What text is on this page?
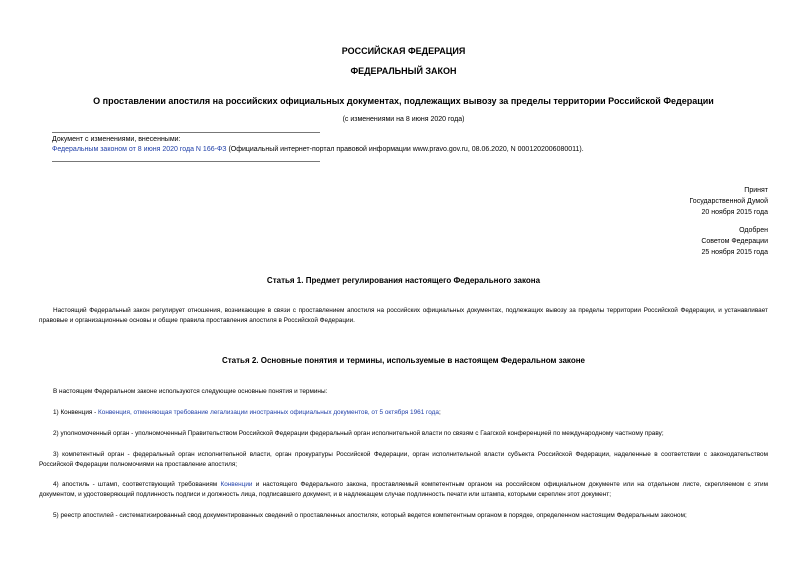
РОССИЙСКАЯ ФЕДЕРАЦИЯ
ФЕДЕРАЛЬНЫЙ ЗАКОН
О проставлении апостиля на российских официальных документах, подлежащих вывозу за пределы территории Российской Федерации
(с изменениями на 8 июня 2020 года)
Документ с изменениями, внесенными:
Федеральным законом от 8 июня 2020 года N 166-ФЗ (Официальный интернет-портал правовой информации www.pravo.gov.ru, 08.06.2020, N 0001202006080011).
Принят
Государственной Думой
20 ноября 2015 года
Одобрен
Советом Федерации
25 ноября 2015 года
Статья 1. Предмет регулирования настоящего Федерального закона
Настоящий Федеральный закон регулирует отношения, возникающие в связи с проставлением апостиля на российских официальных документах, подлежащих вывозу за пределы территории Российской Федерации, и устанавливает правовые и организационные основы и общие правила проставления апостиля в Российской Федерации.
Статья 2. Основные понятия и термины, используемые в настоящем Федеральном законе
В настоящем Федеральном законе используются следующие основные понятия и термины:
1) Конвенция - Конвенция, отменяющая требование легализации иностранных официальных документов, от 5 октября 1961 года;
2) уполномоченный орган - уполномоченный Правительством Российской Федерации федеральный орган исполнительной власти по связям с Гаагской конференцией по международному частному праву;
3) компетентный орган - федеральный орган исполнительной власти, орган прокуратуры Российской Федерации, орган исполнительной власти субъекта Российской Федерации, наделенные в соответствии с законодательством Российской Федерации полномочиями на проставление апостиля;
4) апостиль - штамп, соответствующий требованиям Конвенции и настоящего Федерального закона, проставляемый компетентным органом на российском официальном документе или на отдельном листе, скрепляемом с этим документом, и удостоверяющий подлинность подписи и должность лица, подписавшего документ, и в надлежащем случае подлинность печати или штампа, которыми скреплен этот документ;
5) реестр апостилей - систематизированный свод документированных сведений о проставленных апостилях, который ведется компетентным органом в порядке, определенном настоящим Федеральным законом;
